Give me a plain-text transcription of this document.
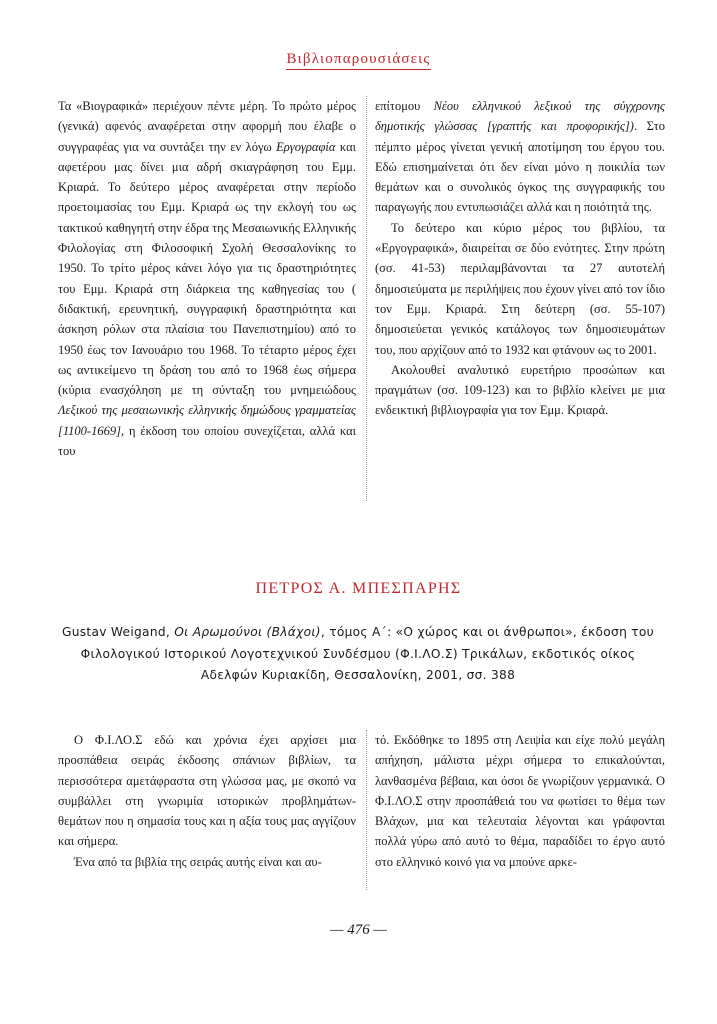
Βιβλιοπαρουσιάσεις

Τα «Βιογραφικά» περιέχουν πέντε μέρη. Το πρώτο μέρος (γενικά) αφενός αναφέρεται στην αφορμή που έλαβε ο συγγραφέας για να συντάξει την εν λόγω Εργογραφία και αφετέρου μας δίνει μια αδρή σκιαγράφηση του Εμμ. Κριαρά. Το δεύτερο μέρος αναφέρεται στην περίοδο προετοιμασίας του Εμμ. Κριαρά ως την εκλογή του ως τακτικού καθηγητή στην έδρα της Μεσαιωνικής Ελληνικής Φιλολογίας στη Φιλοσοφική Σχολή Θεσσαλονίκης το 1950. Το τρίτο μέρος κάνει λόγο για τις δραστηριότητες του Εμμ. Κριαρά στη διάρκεια της καθηγεσίας του ( διδακτική, ερευνητική, συγγραφική δραστηριότητα και άσκηση ρόλων στα πλαίσια του Πανεπιστημίου) από το 1950 έως τον Ιανουάριο του 1968. Το τέταρτο μέρος έχει ως αντικείμενο τη δράση του από το 1968 έως σήμερα (κύρια ενασχόληση με τη σύνταξη του μνημειώδους Λεξικού της μεσαιωνικής ελληνικής δημώδους γραμματείας [1100-1669], η έκδοση του οποίου συνεχίζεται, αλλά και του

επίτομου Νέου ελληνικού λεξικού της σύγχρονης δημοτικής γλώσσας [γραπτής και προφορικής]). Στο πέμπτο μέρος γίνεται γενική αποτίμηση του έργου του. Εδώ επισημαίνεται ότι δεν είναι μόνο η ποικιλία των θεμάτων και ο συνολικός όγκος της συγγραφικής του παραγωγής που εντυπωσιάζει αλλά και η ποιότητά της.

Το δεύτερο και κύριο μέρος του βιβλίου, τα «Εργογραφικά», διαιρείται σε δύο ενότητες. Στην πρώτη (σσ. 41-53) περιλαμβάνονται τα 27 αυτοτελή δημοσιεύματα με περιλήψεις που έχουν γίνει από τον ίδιο τον Εμμ. Κριαρά. Στη δεύτερη (σσ. 55-107) δημοσιεύεται γενικός κατάλογος των δημοσιευμάτων του, που αρχίζουν από το 1932 και φτάνουν ως το 2001.

Ακολουθεί αναλυτικό ευρετήριο προσώπων και πραγμάτων (σσ. 109-123) και το βιβλίο κλείνει με μια ενδεικτική βιβλιογραφία για τον Εμμ. Κριαρά.

ΠΕΤΡΟΣ Α. ΜΠΕΣΠΑΡΗΣ
Gustav Weigand, Οι Αρωμούνοι (Βλάχοι), τόμος Α΄: «Ο χώρος και οι άνθρωποι», έκδοση του Φιλολογικού Ιστορικού Λογοτεχνικού Συνδέσμου (Φ.Ι.ΛΟ.Σ) Τρικάλων, εκδοτικός οίκος Αδελφών Κυριακίδη, Θεσσαλονίκη, 2001, σσ. 388

Ο Φ.Ι.ΛΟ.Σ εδώ και χρόνια έχει αρχίσει μια προσπάθεια σειράς έκδοσης σπάνιων βιβλίων, τα περισσότερα αμετάφραστα στη γλώσσα μας, με σκοπό να συμβάλλει στη γνωριμία ιστορικών προβλημάτων- θεμάτων που η σημασία τους και η αξία τους μας αγγίζουν και σήμερα.

Ένα από τα βιβλία της σειράς αυτής είναι και αυ-

τό. Εκδόθηκε το 1895 στη Λειψία και είχε πολύ μεγάλη απήχηση, μάλιστα μέχρι σήμερα το επικαλούνται, λανθασμένα βέβαια, και όσοι δε γνωρίζουν γερμανικά. Ο Φ.Ι.ΛΟ.Σ στην προσπάθειά του να φωτίσει το θέμα των Βλάχων, μια και τελευταία λέγονται και γράφονται πολλά γύρω από αυτό το θέμα, παραδίδει το έργο αυτό στο ελληνικό κοινό για να μπούνε αρκε-

— 476 —
